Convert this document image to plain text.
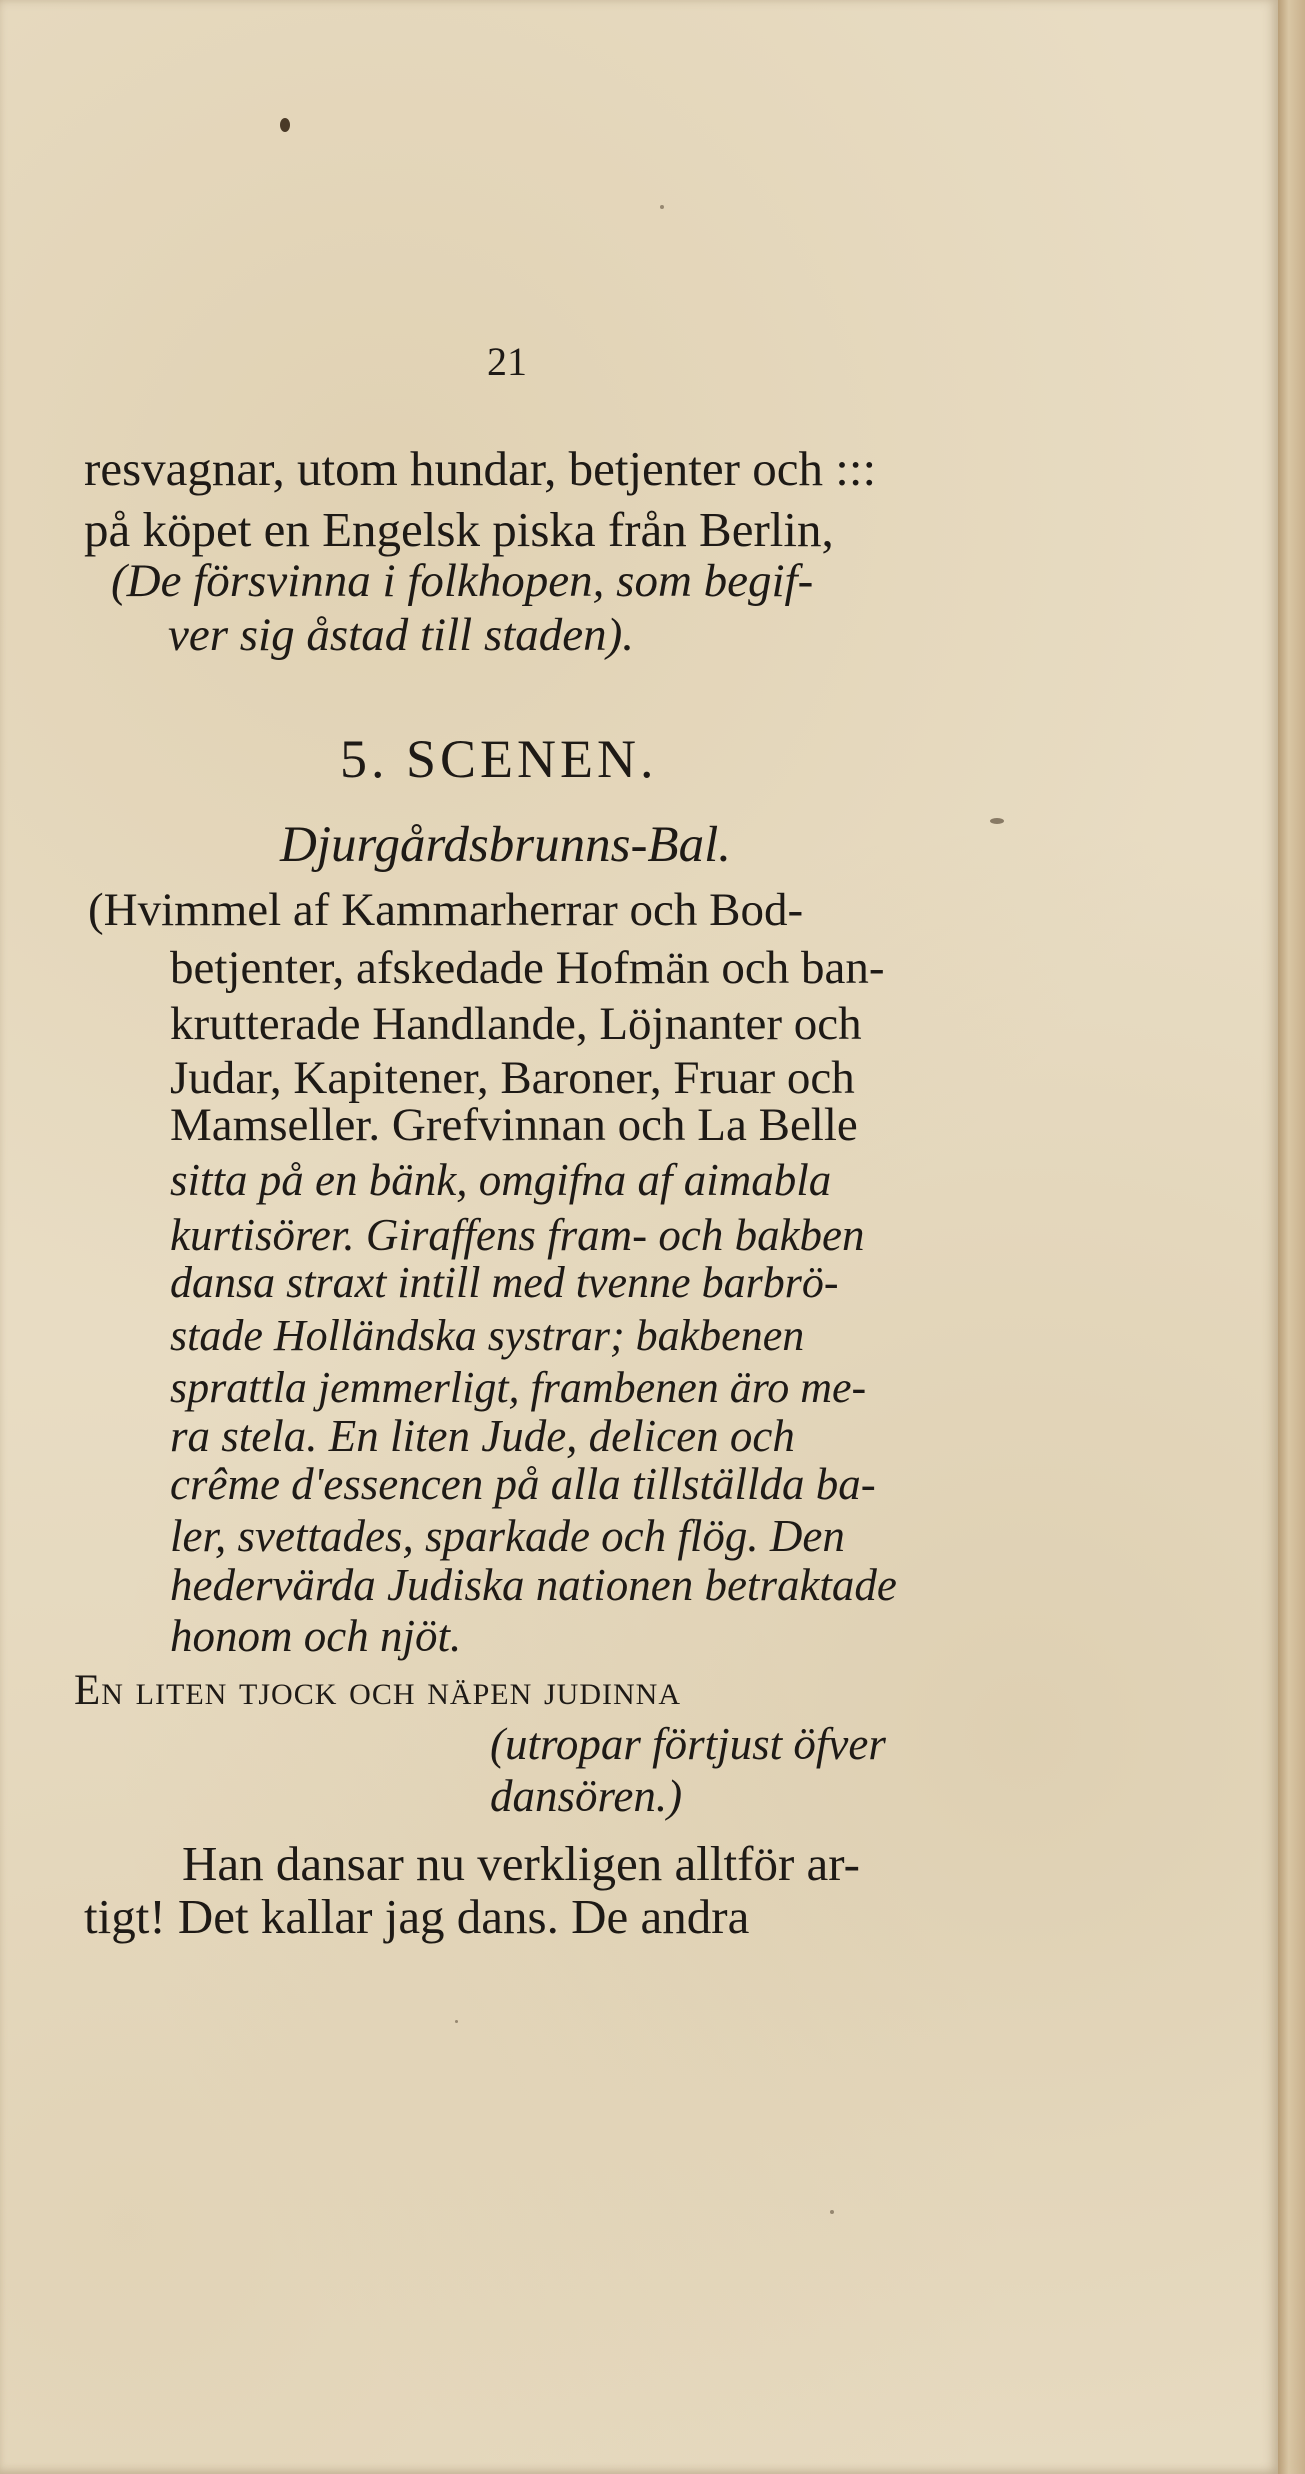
21
resvagnar, utom hundar, betjenter och :::
på köpet en Engelsk piska från Berlin,
(De försvinna i folkhopen, som begif-
ver sig åstad till staden).
5. SCENEN.
Djurgårdsbrunns-Bal.
(Hvimmel af Kammarherrar och Bod-
betjenter, afskedade Hofmän och ban-
krutterade Handlande, Löjnanter och
Judar, Kapitener, Baroner, Fruar och
Mamseller. Grefvinnan och La Belle
sitta på en bänk, omgifna af aimabla
kurtisörer. Giraffens fram- och bakben
dansa straxt intill med tvenne barbrö-
stade Holländska systrar; bakbenen
sprattla jemmerligt, frambenen äro me-
ra stela. En liten Jude, delicen och
crême d'essencen på alla tillställda ba-
ler, svettades, sparkade och flög. Den
hedervärda Judiska nationen betraktade
honom och njöt.
En liten tjock och näpen judinna
(utropar förtjust öfver
dansören.)
Han dansar nu verkligen alltför ar-
tigt! Det kallar jag dans. De andra
